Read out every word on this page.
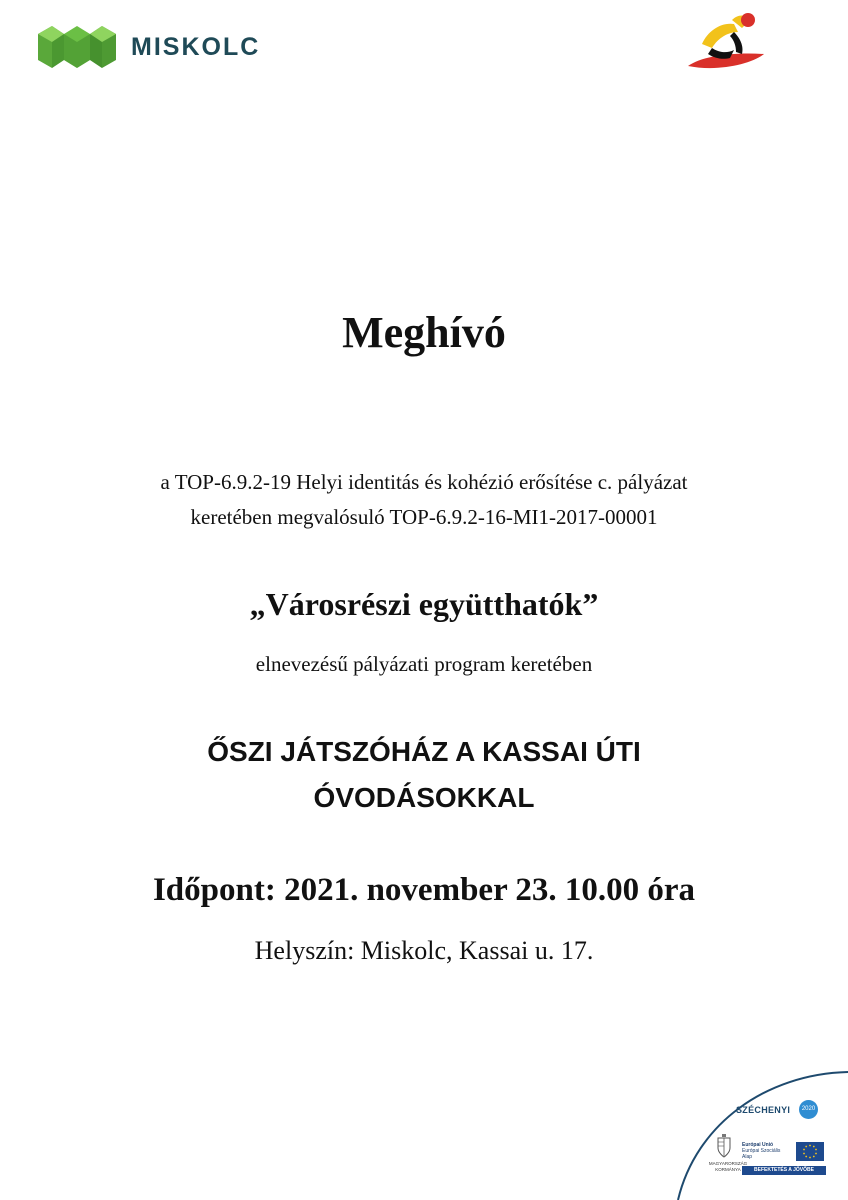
MISKOLC
Meghívó
a TOP-6.9.2-19 Helyi identitás és kohézió erősítése c. pályázat
keretében megvalósuló TOP-6.9.2-16-MI1-2017-00001
„Városrészi együtthatók”
elnevezésű pályázati program keretében
ŐSZI JÁTSZÓHÁZ A KASSAI ÚTI
ÓVODÁSOKKAL
Időpont: 2021. november 23. 10.00 óra
Helyszín: Miskolc, Kassai u. 17.
SZÉCHENYI	2020
MAGYARORSZÁG
KORMÁNYA
Európai Unió
Európai Szociális
Alap
BEFEKTETÉS A JÖVŐBE
